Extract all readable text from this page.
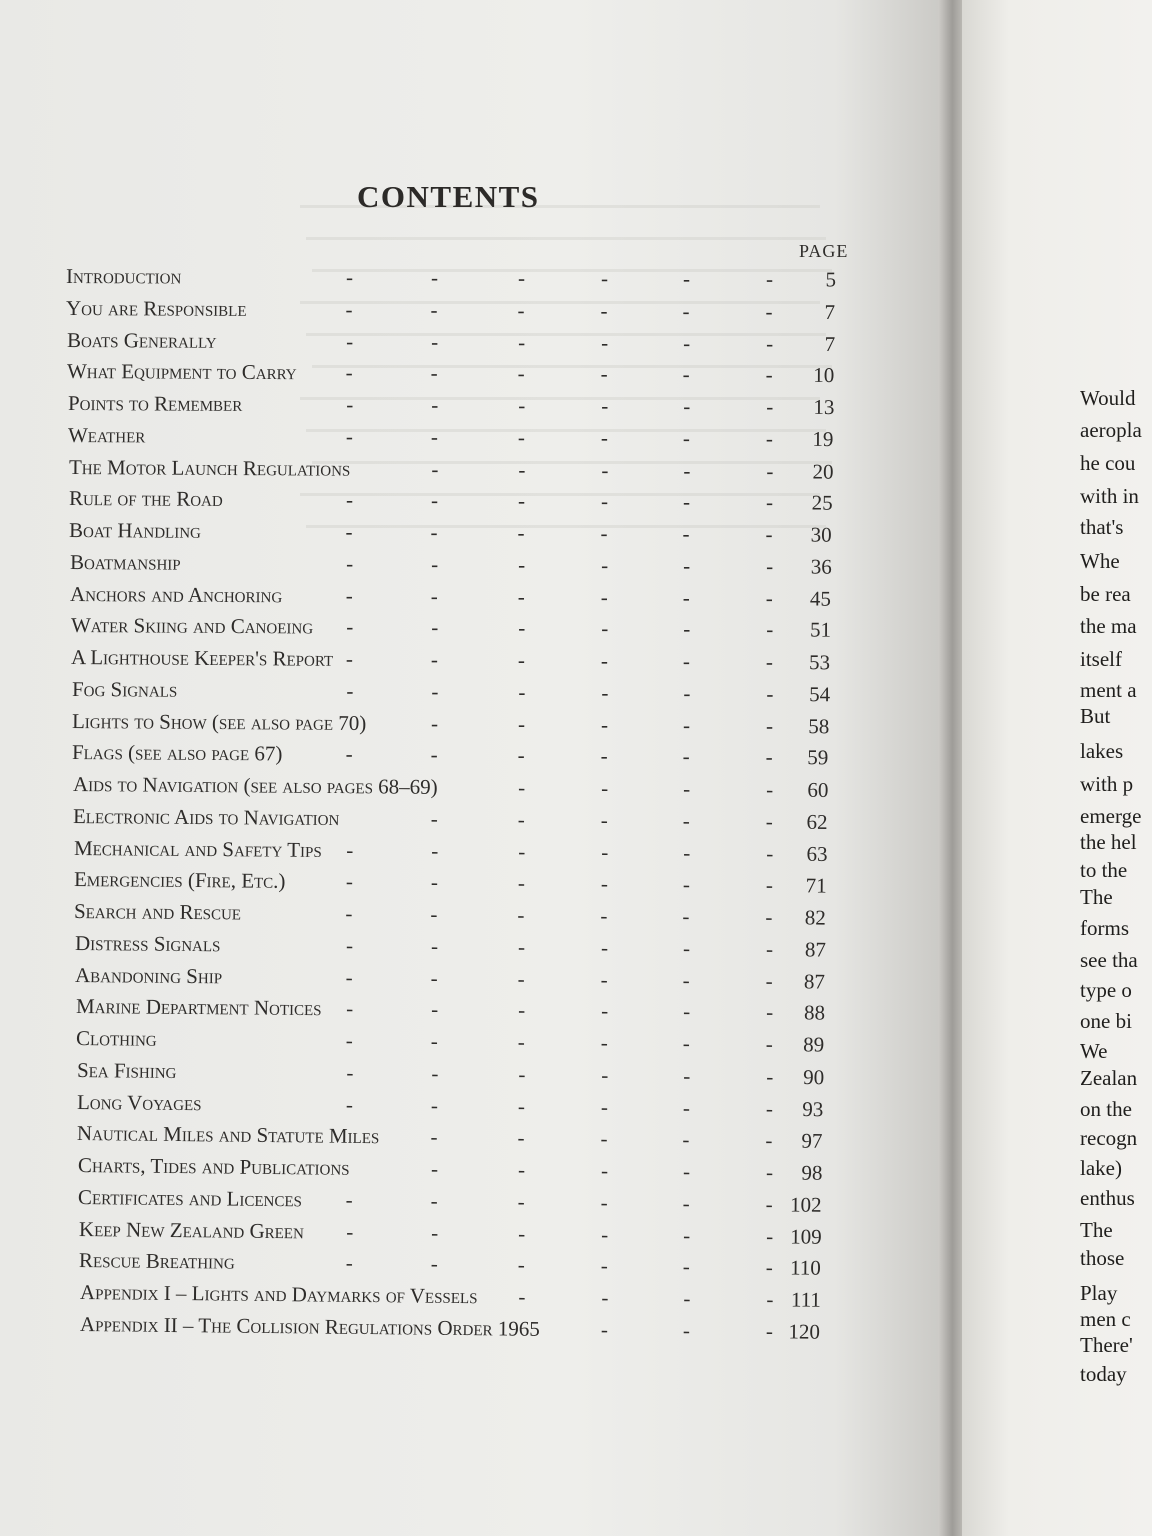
CONTENTS
PAGE
Introduction	-	-	-	-	-	-	5
You are Responsible	-	-	-	-	-	-	7
Boats Generally	-	-	-	-	-	-	7
What Equipment to Carry -	-	-	-	-	-	10
Points to Remember	-	-	-	-	-	-	13
Weather	-	-	-	-	-	-	19
The Motor Launch Regulations	-	-	-	-	-	20
Rule of the Road	-	-	-	-	-	-	25
Boat Handling	-	-	-	-	-	-	30
Boatmanship	-	-	-	-	-	-	36
Anchors and Anchoring	-	-	-	-	-	-	45
Water Skiing and Canoeing -	-	-	-	-	-	51
A Lighthouse Keeper's Report -	-	-	-	-	-	53
Fog Signals	-	-	-	-	-	-	54
Lights to Show (see also page 70)	-	-	-	-	-	58
Flags (see also page 67)	-	-	-	-	-	-	59
Aids to Navigation (see also pages 68–69)	-	-	-	-	60
Electronic Aids to Navigation	-	-	-	-	-	62
Mechanical and Safety Tips -	-	-	-	-	-	63
Emergencies (Fire, Etc.)	-	-	-	-	-	-	71
Search and Rescue	-	-	-	-	-	-	82
Distress Signals	-	-	-	-	-	-	87
Abandoning Ship	-	-	-	-	-	-	87
Marine Department Notices -	-	-	-	-	-	88
Clothing	-	-	-	-	-	-	89
Sea Fishing	-	-	-	-	-	-	90
Long Voyages	-	-	-	-	-	-	93
Nautical Miles and Statute Miles -	-	-	-	-	97
Charts, Tides and Publications	-	-	-	-	-	98
Certificates and Licences -	-	-	-	-	- 102
Keep New Zealand Green -	-	-	-	-	- 109
Rescue Breathing	-	-	-	-	-	- 110
Appendix I – Lights and Daymarks of Vessels -	-	-	- 111
Appendix II – The Collision Regulations Order 1965	-	-	- 120
Would
aeropla
he cou
with in
that's
Whe
be rea
the ma
itself
ment a
But
lakes
with p
emerge
the hel
to the
The
forms
see tha
type o
one bi
We
Zealan
on the
recogn
lake)
enthus
The
those
Play
men c
There'
today
